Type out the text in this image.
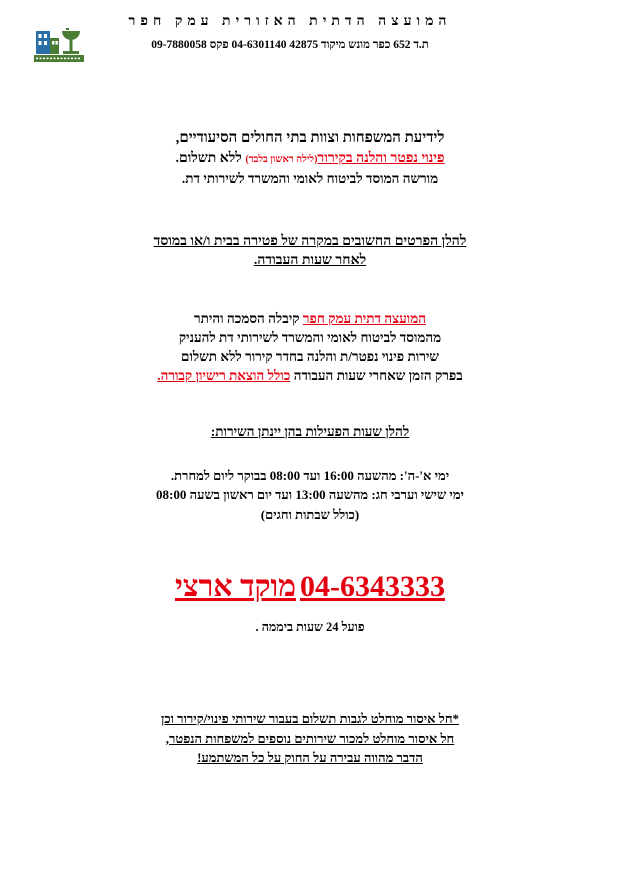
המועצה הדתית האזורית עמק חפר
ת.ד 652 כפר מונש מיקוד 42875 04-6301140 פקס 09-7880058
לידיעת המשפחות וצוות בתי החולים הסיעודיים,
פינוי נפטר והלנה בקירור(לילה ראשון בלבד) ללא תשלום.
מורשה המוסד לביטוח לאומי והמשרד לשירותי דת.
להלן הפרטים החשובים במקרה של פטירה בבית ו/או במוסד
לאחר שעות העבודה.
המועצה דתית עמק חפר קיבלה הסמכה והיתר
מהמוסד לביטוח לאומי והמשרד לשירותי דת להעניק
שירות פינוי נפטר/ת והלנה בחדר קירור ללא תשלום
בפרק הזמן שאחרי שעות העבודה כולל הוצאת רישיון קבורה.
להלן שעות הפעילות בהן יינתן השירות:
ימי א'-ה': מהשעה 16:00 ועד 08:00 בבוקר ליום למחרת.
ימי שישי וערבי חג: מהשעה 13:00 ועד יום ראשון בשעה 08:00
(כולל שבתות וחגים)
04-6343333 מוקד ארצי
פועל 24 שעות ביממה .
*חל איסור מוחלט לגבות תשלום בעבור שירותי פינוי/קירור וכן
חל איסור מוחלט למכור שירותים נוספים למשפחות הנפטר,
הדבר מהווה עבירה על החוק על כל המשתמע!
